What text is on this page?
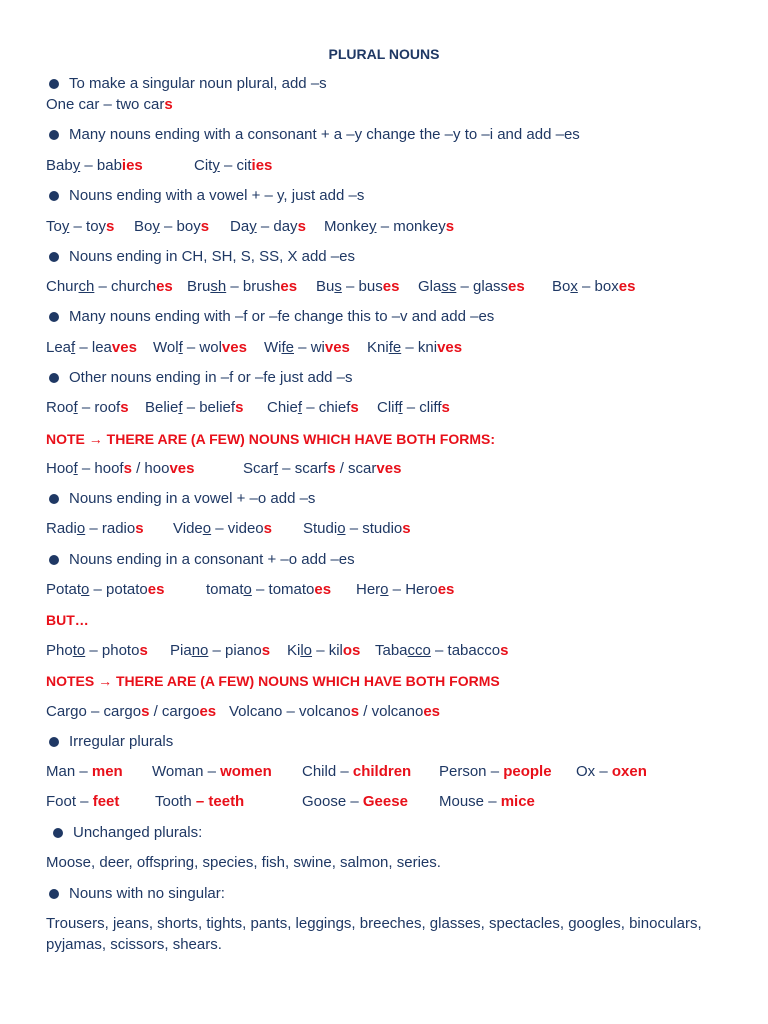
PLURAL NOUNS
To make a singular noun plural, add –s
One car – two cars
Many nouns ending with a consonant + a –y change the –y to –i and add –es
Baby – babies	City – cities
Nouns ending with a vowel + – y, just add –s
Toy – toys Boy – boys Day – days Monkey – monkeys
Nouns ending in CH, SH, S, SS, X add –es
Church – churches Brush – brushes Bus – buses Glass – glasses Box – boxes
Many nouns ending with –f or –fe change this to –v and add –es
Leaf – leaves Wolf – wolves Wife – wives Knife – knives
Other nouns ending in –f or –fe just add –s
Roof – roofs Belief – beliefs Chief – chiefs Cliff – cliffs
NOTE → THERE ARE (A FEW) NOUNS WHICH HAVE BOTH FORMS:
Hoof – hoofs / hooves	Scarf – scarfs / scarves
Nouns ending in a vowel + –o add –s
Radio – radios Video – videos Studio – studios
Nouns ending in a consonant + –o add –es
Potato – potatoes	tomato – tomatoes Hero – Heroes
BUT…
Photo – photos Piano – pianos Kilo – kilos Tabacco – tabaccos
NOTES → THERE ARE (A FEW) NOUNS WHICH HAVE BOTH FORMS
Cargo – cargos / cargoes Volcano – volcanos / volcanoes
Irregular plurals
Man – men Woman – women Child – children Person – people Ox – oxen
Foot – feet Tooth – teeth	Goose – Geese Mouse – mice
Unchanged plurals:
Moose, deer, offspring, species, fish, swine, salmon, series.
Nouns with no singular:
Trousers, jeans, shorts, tights, pants, leggings, breeches, glasses, spectacles, googles, binoculars,
pyjamas, scissors, shears.
